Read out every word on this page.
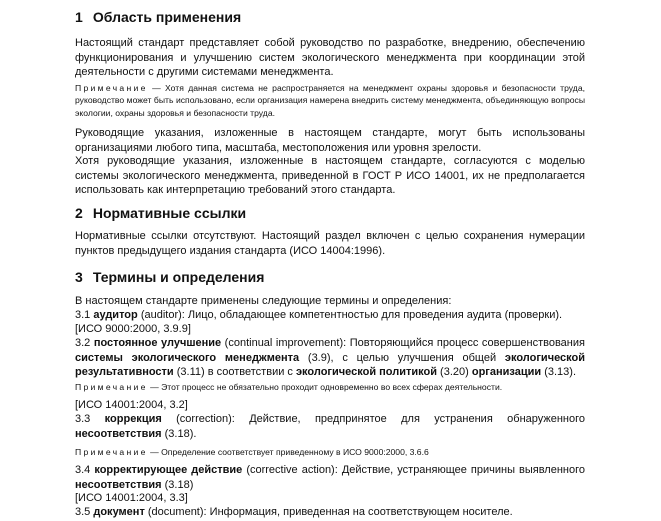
1 Область применения
Настоящий стандарт представляет собой руководство по разработке, внедрению, обеспечению функционирования и улучшению систем экологического менеджмента при координации этой деятельности с другими системами менеджмента.
Примечание — Хотя данная система не распространяется на менеджмент охраны здоровья и безопасности труда, руководство может быть использовано, если организация намерена внедрить систему менеджмента, объединяющую вопросы экологии, охраны здоровья и безопасности труда.
Руководящие указания, изложенные в настоящем стандарте, могут быть использованы организациями любого типа, масштаба, местоположения или уровня зрелости.
Хотя руководящие указания, изложенные в настоящем стандарте, согласуются с моделью системы экологического менеджмента, приведенной в ГОСТ Р ИСО 14001, их не предполагается использовать как интерпретацию требований этого стандарта.
2 Нормативные ссылки
Нормативные ссылки отсутствуют. Настоящий раздел включен с целью сохранения нумерации пунктов предыдущего издания стандарта (ИСО 14004:1996).
3 Термины и определения
В настоящем стандарте применены следующие термины и определения:
3.1 аудитор (auditor): Лицо, обладающее компетентностью для проведения аудита (проверки).
[ИСО 9000:2000, 3.9.9]
3.2 постоянное улучшение (continual improvement): Повторяющийся процесс совершенствования системы экологического менеджмента (3.9), с целью улучшения общей экологической результативности (3.11) в соответствии с экологической политикой (3.20) организации (3.13).
Примечание — Этот процесс не обязательно проходит одновременно во всех сферах деятельности.
[ИСО 14001:2004, 3.2]
3.3 коррекция (correction): Действие, предпринятое для устранения обнаруженного несоответствия (3.18).
Примечание — Определение соответствует приведенному в ИСО 9000:2000, 3.6.6
3.4 корректирующее действие (corrective action): Действие, устраняющее причины выявленного несоответствия (3.18)
[ИСО 14001:2004, 3.3]
3.5 документ (document): Информация, приведенная на соответствующем носителе.
